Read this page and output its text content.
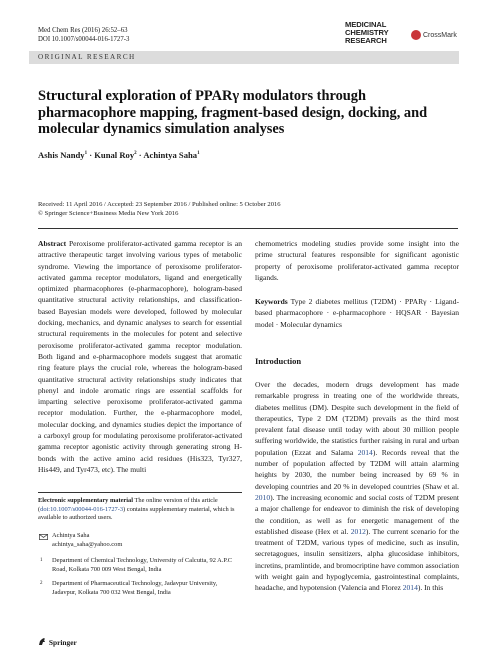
Med Chem Res (2016) 26:52–63
DOI 10.1007/s00044-016-1727-3
MEDICINAL
CHEMISTRY
RESEARCH
CrossMark
ORIGINAL RESEARCH
Structural exploration of PPARγ modulators through pharmacophore mapping, fragment-based design, docking, and molecular dynamics simulation analyses
Ashis Nandy$^1$ · Kunal Roy$^2$ · Achintya Saha$^1$
Received: 11 April 2016 / Accepted: 23 September 2016 / Published online: 5 October 2016
© Springer Science+Business Media New York 2016

Abstract Peroxisome proliferator-activated gamma receptor is an attractive therapeutic target involving various types of metabolic syndrome. Viewing the importance of peroxisome proliferator-activated gamma receptor modulators, ligand and energetically optimized pharmacophores (e-pharmacophore), hologram-based quantitative structural activity relationships, and classification-based Bayesian models were developed, followed by molecular docking, mechanics, and dynamic analyses to search for essential structural requirements in the molecules for potent and selective peroxisome proliferator-activated gamma receptor modulation. Both ligand and e-pharmacophore models suggest that aromatic ring feature plays the crucial role, whereas the hologram-based quantitative structural activity relationships study indicates that phenyl and indole aromatic rings are essential scaffolds for imparting selective peroxisome proliferator-activated gamma receptor modulation. Further, the e-pharmacophore model, molecular docking, and dynamics studies depict the importance of a carboxyl group for modulating peroxisome proliferator-activated gamma receptor agonistic activity through generating strong H-bonds with the active amino acid residues (His323, Tyr327, His449, and Tyr473, etc). The multi

chemometrics modeling studies provide some insight into the prime structural features responsible for significant agonistic property of peroxisome proliferator-activated gamma receptor ligands.

Keywords Type 2 diabetes mellitus (T2DM) · PPARγ · Ligand-based pharmacophore · e-pharmacophore · HQSAR · Bayesian model · Molecular dynamics

Introduction

Over the decades, modern drugs development has made remarkable progress in treating one of the worldwide threats, diabetes mellitus (DM). Despite such development in the field of therapeutics, Type 2 DM (T2DM) prevails as the third most prevalent fatal disease until today with about 30 million people suffering worldwide, the statistics further raising in rural and urban population (Ezzat and Salama 2014). Records reveal that the number of population affected by T2DM will attain alarming heights by 2030, the number being increased by 69 % in developing countries and 20 % in developed countries (Shaw et al. 2010). The increasing economic and social costs of T2DM present a major challenge for endeavor to diminish the risk of developing the condition, as well as for energetic management of the established disease (Hex et al. 2012). The current scenario for the treatment of T2DM, various types of medicine, such as insulin, secretagogues, insulin sensitizers, alpha glucosidase inhibitors, incretins, pramlintide, and bromocriptine have common association with weight gain and hypoglycemia, gastrointestinal complaints, headache, and hypotension (Valencia and Florez 2014). In this

Electronic supplementary material The online version of this article (doi:10.1007/s00044-016-1727-3) contains supplementary material, which is available to authorized users.
Achintya Saha
achintya_saha@yahoo.com
1 Department of Chemical Technology, University of Calcutta, 92 A.P.C Road, Kolkata 700 009 West Bengal, India
2 Department of Pharmaceutical Technology, Jadavpur University, Jadavpur, Kolkata 700 032 West Bengal, India
Springer
